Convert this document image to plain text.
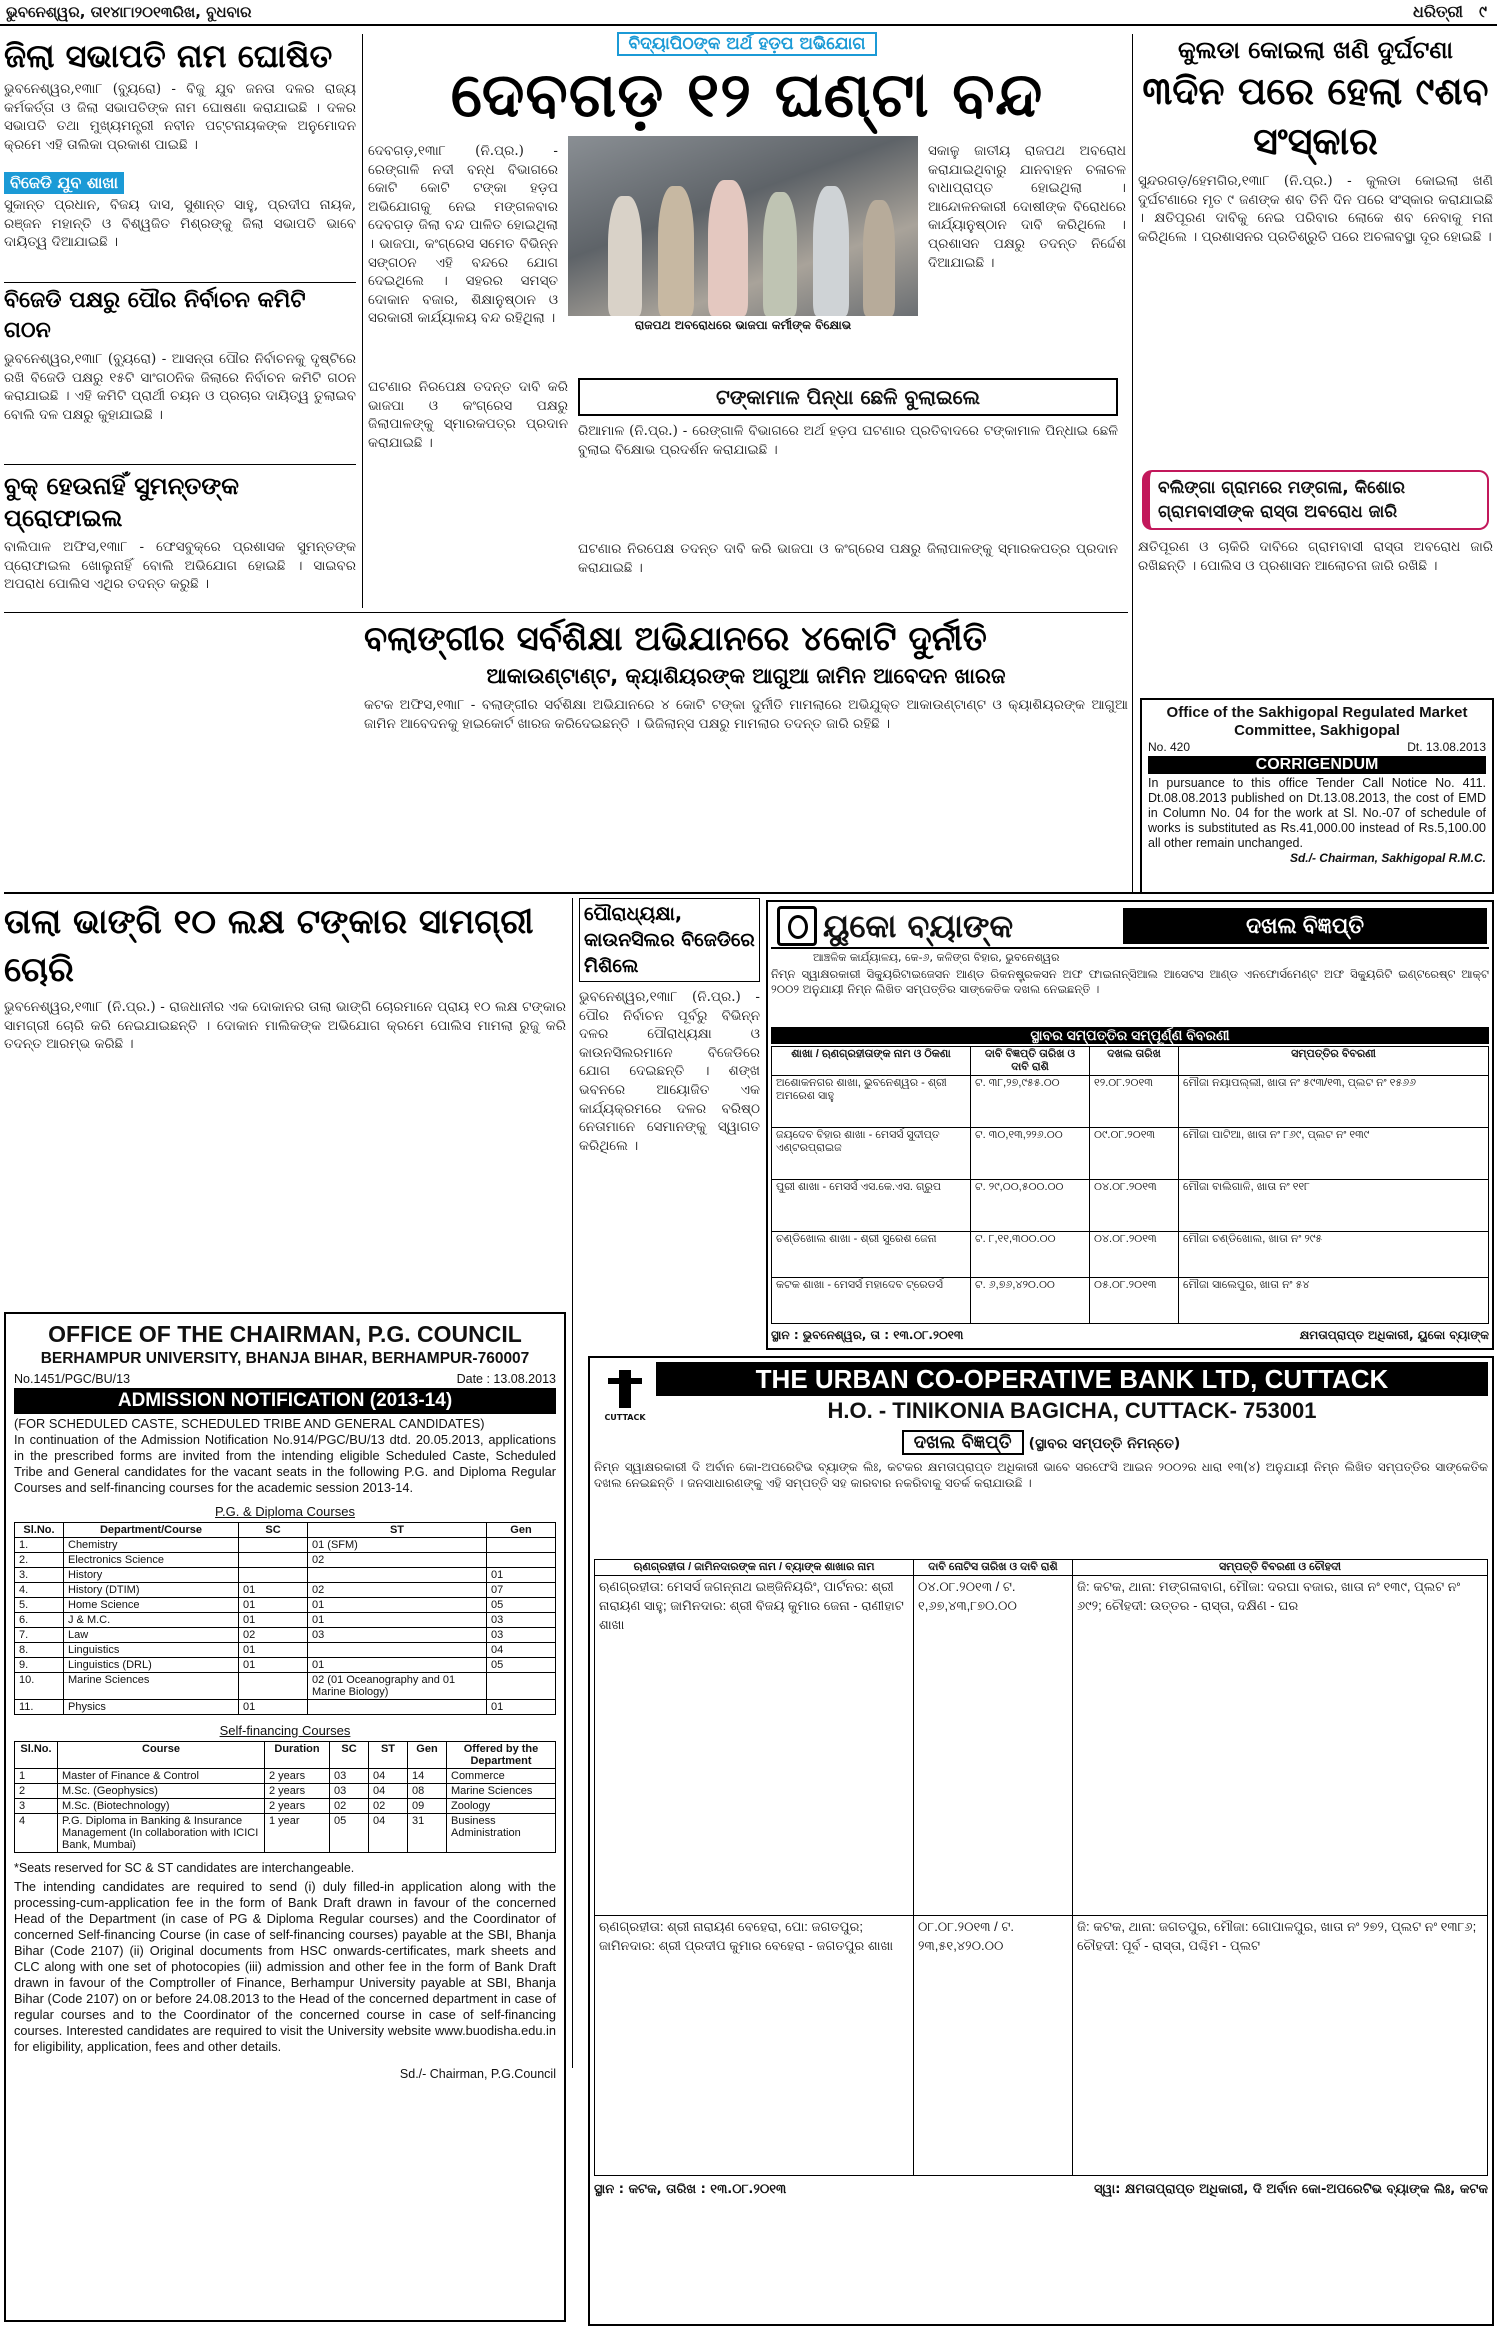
ଭୁବନେଶ୍ୱର, ତା୧୪ା୮ା୨୦୧୩ରିଖ, ବୁଧବାର	ଧରିତ୍ରୀ ୯
ଜିଲା ସଭାପତି ନାମ ଘୋଷିତ
ଭୁବନେଶ୍ୱର,୧୩ା୮ (ବ୍ୟୁରୋ) - ବିଜୁ ଯୁବ ଜନତା ଦଳର ରାଜ୍ୟ କର୍ମକର୍ତ୍ତା ଓ ଜିଲା ସଭାପତିଙ୍କ ନାମ ଘୋଷଣା କରାଯାଇଛି । ଦଳର ସଭାପତି ତଥା ମୁଖ୍ୟମନ୍ତ୍ରୀ ନବୀନ ପଟ୍ଟନାୟକଙ୍କ ଅନୁମୋଦନ କ୍ରମେ ଏହି ତାଲିକା ପ୍ରକାଶ ପାଇଛି ।
ବିଜେଡି ଯୁବ ଶାଖା
ସୁକାନ୍ତ ପ୍ରଧାନ, ବିଜୟ ଦାସ, ସୁଶାନ୍ତ ସାହୁ, ପ୍ରଦୀପ ନାୟକ, ରଞ୍ଜନ ମହାନ୍ତି ଓ ବିଶ୍ୱଜିତ ମିଶ୍ରଙ୍କୁ ଜିଲା ସଭାପତି ଭାବେ ଦାୟିତ୍ୱ ଦିଆଯାଇଛି ।
ବିଜେଡି ପକ୍ଷରୁ ପୌର ନିର୍ବାଚନ କମିଟି ଗଠନ
ଭୁବନେଶ୍ୱର,୧୩ା୮ (ବ୍ୟୁରୋ) - ଆସନ୍ତା ପୌର ନିର୍ବାଚନକୁ ଦୃଷ୍ଟିରେ ରଖି ବିଜେଡି ପକ୍ଷରୁ ୧୫ଟି ସାଂଗଠନିକ ଜିଲାରେ ନିର୍ବାଚନ କମିଟି ଗଠନ କରାଯାଇଛି । ଏହି କମିଟି ପ୍ରାର୍ଥୀ ଚୟନ ଓ ପ୍ରଚାର ଦାୟିତ୍ୱ ତୁଲାଇବ ବୋଲି ଦଳ ପକ୍ଷରୁ କୁହାଯାଇଛି ।
ବୁକ୍ ହେଉନାହିଁ ସୁମନ୍ତଙ୍କ ପ୍ରୋଫାଇଲ
ବାଲିପାଳ ଅଫିସ,୧୩ା୮ - ଫେସବୁକ୍‌ରେ ପ୍ରଶାସକ ସୁମନ୍ତଙ୍କ ପ୍ରୋଫାଇଲ ଖୋଲୁନାହିଁ ବୋଲି ଅଭିଯୋଗ ହୋଇଛି । ସାଇବର ଅପରାଧ ପୋଲିସ ଏଥିର ତଦନ୍ତ କରୁଛି ।
ବିଦ୍ୟାପିଠଙ୍କ ଅର୍ଥ ହଡ଼ପ ଅଭିଯୋଗ
ଦେବଗଡ଼ ୧୨ ଘଣ୍ଟା ବନ୍ଦ
ଦେବଗଡ଼,୧୩ା୮ (ନି.ପ୍ର.) - ରେଙ୍ଗାଳି ନଦୀ ବନ୍ଧ ବିଭାଗରେ କୋଟି କୋଟି ଟଙ୍କା ହଡ଼ପ ଅଭିଯୋଗକୁ ନେଇ ମଙ୍ଗଳବାର ଦେବଗଡ଼ ଜିଲା ବନ୍ଦ ପାଳିତ ହୋଇଥିଲା । ଭାଜପା, କଂଗ୍ରେସ ସମେତ ବିଭିନ୍ନ ସଙ୍ଗଠନ ଏହି ବନ୍ଦରେ ଯୋଗ ଦେଇଥିଲେ । ସହରର ସମସ୍ତ ଦୋକାନ ବଜାର, ଶିକ୍ଷାନୁଷ୍ଠାନ ଓ ସରକାରୀ କାର୍ଯ୍ୟାଳୟ ବନ୍ଦ ରହିଥିଲା ।	ରାଜପଥ ଅବରୋଧରେ ଭାଜପା କର୍ମୀଙ୍କ ବିକ୍ଷୋଭ
ସକାଳୁ ଜାତୀୟ ରାଜପଥ ଅବରୋଧ କରାଯାଇଥିବାରୁ ଯାନବାହନ ଚଳାଚଳ ବାଧାପ୍ରାପ୍ତ ହୋଇଥିଲା । ଆନ୍ଦୋଳନକାରୀ ଦୋଷୀଙ୍କ ବିରୋଧରେ କାର୍ଯ୍ୟାନୁଷ୍ଠାନ ଦାବି କରିଥିଲେ । ପ୍ରଶାସନ ପକ୍ଷରୁ ତଦନ୍ତ ନିର୍ଦ୍ଦେଶ ଦିଆଯାଇଛି ।
ଟଙ୍କାମାଳ ପିନ୍ଧା ଛେଳି ବୁଲାଇଲେ
ରିଆମାଳ (ନି.ପ୍ର.) - ରେଙ୍ଗାଳି ବିଭାଗରେ ଅର୍ଥ ହଡ଼ପ ଘଟଣାର ପ୍ରତିବାଦରେ ଟଙ୍କାମାଳ ପିନ୍ଧାଇ ଛେଳି ବୁଲାଇ ବିକ୍ଷୋଭ ପ୍ରଦର୍ଶନ କରାଯାଇଛି ।
ଘଟଣାର ନିରପେକ୍ଷ ତଦନ୍ତ ଦାବି କରି ଭାଜପା ଓ କଂଗ୍ରେସ ପକ୍ଷରୁ ଜିଲାପାଳଙ୍କୁ ସ୍ମାରକପତ୍ର ପ୍ରଦାନ କରାଯାଇଛି ।
ଘଟଣାର ନିରପେକ୍ଷ ତଦନ୍ତ ଦାବି କରି ଭାଜପା ଓ କଂଗ୍ରେସ ପକ୍ଷରୁ ଜିଲାପାଳଙ୍କୁ ସ୍ମାରକପତ୍ର ପ୍ରଦାନ କରାଯାଇଛି ।
କୁଲଡା କୋଇଲା ଖଣି ଦୁର୍ଘଟଣା
୩ଦିନ ପରେ ହେଲା ୯ଶବ ସଂସ୍କାର
ସୁନ୍ଦରଗଡ଼/ହେମଗିର,୧୩ା୮ (ନି.ପ୍ର.) - କୁଲଡା କୋଇଲା ଖଣି ଦୁର୍ଘଟଣାରେ ମୃତ ୯ ଜଣଙ୍କ ଶବ ତିନି ଦିନ ପରେ ସଂସ୍କାର କରାଯାଇଛି । କ୍ଷତିପୂରଣ ଦାବିକୁ ନେଇ ପରିବାର ଲୋକେ ଶବ ନେବାକୁ ମନା କରିଥିଲେ । ପ୍ରଶାସନର ପ୍ରତିଶ୍ରୁତି ପରେ ଅଚଳାବସ୍ଥା ଦୂର ହୋଇଛି ।
ବଲିଙ୍ଗା ଗ୍ରାମରେ ମଙ୍ଗଳା, କିଶୋର ଗ୍ରାମବାସୀଙ୍କ ରାସ୍ତା ଅବରୋଧ ଜାରି
କ୍ଷତିପୂରଣ ଓ ଚାକିରି ଦାବିରେ ଗ୍ରାମବାସୀ ରାସ୍ତା ଅବରୋଧ ଜାରି ରଖିଛନ୍ତି । ପୋଲିସ ଓ ପ୍ରଶାସନ ଆଲୋଚନା ଜାରି ରଖିଛି ।
Office of the Sakhigopal Regulated Market Committee, Sakhigopal
No. 420	Dt. 13.08.2013
CORRIGENDUM
In pursuance to this office Tender Call Notice No. 411. Dt.08.08.2013 published on Dt.13.08.2013, the cost of EMD in Column No. 04 for the work at Sl. No.-07 of schedule of works is substituted as Rs.41,000.00 instead of Rs.5,100.00 all other remain unchanged.
Sd./- Chairman, Sakhigopal R.M.C.
ବଲାଙ୍ଗୀର ସର୍ବଶିକ୍ଷା ଅଭିଯାନରେ ୪କୋଟି ଦୁର୍ନୀତି
ଆକାଉଣ୍ଟାଣ୍ଟ, କ୍ୟାଶିୟରଙ୍କ ଆଗୁଆ ଜାମିନ ଆବେଦନ ଖାରଜ
କଟକ ଅଫିସ,୧୩ା୮ - ବଲାଙ୍ଗୀର ସର୍ବଶିକ୍ଷା ଅଭିଯାନରେ ୪ କୋଟି ଟଙ୍କା ଦୁର୍ନୀତି ମାମଲାରେ ଅଭିଯୁକ୍ତ ଆକାଉଣ୍ଟାଣ୍ଟ ଓ କ୍ୟାଶିୟରଙ୍କ ଆଗୁଆ ଜାମିନ ଆବେଦନକୁ ହାଇକୋର୍ଟ ଖାରଜ କରିଦେଇଛନ୍ତି । ଭିଜିଲାନ୍ସ ପକ୍ଷରୁ ମାମଲାର ତଦନ୍ତ ଜାରି ରହିଛି ।
ତାଲା ଭାଙ୍ଗି ୧୦ ଲକ୍ଷ ଟଙ୍କାର ସାମଗ୍ରୀ ଚୋରି
ଭୁବନେଶ୍ୱର,୧୩ା୮ (ନି.ପ୍ର.) - ରାଜଧାନୀର ଏକ ଦୋକାନର ତାଲା ଭାଙ୍ଗି ଚୋରମାନେ ପ୍ରାୟ ୧୦ ଲକ୍ଷ ଟଙ୍କାର ସାମଗ୍ରୀ ଚୋରି କରି ନେଇଯାଇଛନ୍ତି । ଦୋକାନ ମାଲିକଙ୍କ ଅଭିଯୋଗ କ୍ରମେ ପୋଲିସ ମାମଲା ରୁଜୁ କରି ତଦନ୍ତ ଆରମ୍ଭ କରିଛି ।
ପୌରାଧ୍ୟକ୍ଷା, କାଉନସିଲର ବିଜେଡିରେ ମିଶିଲେ
ଭୁବନେଶ୍ୱର,୧୩ା୮ (ନି.ପ୍ର.) - ପୌର ନିର୍ବାଚନ ପୂର୍ବରୁ ବିଭିନ୍ନ ଦଳର ପୌରାଧ୍ୟକ୍ଷା ଓ କାଉନସିଲରମାନେ ବିଜେଡିରେ ଯୋଗ ଦେଇଛନ୍ତି । ଶଙ୍ଖ ଭବନରେ ଆୟୋଜିତ ଏକ କାର୍ଯ୍ୟକ୍ରମରେ ଦଳର ବରିଷ୍ଠ ନେତାମାନେ ସେମାନଙ୍କୁ ସ୍ୱାଗତ କରିଥିଲେ ।
ୟୁକୋ ବ୍ୟାଙ୍କ	ଦଖଲ ବିଜ୍ଞପ୍ତି
ଆଞ୍ଚଳିକ କାର୍ଯ୍ୟାଳୟ, କେ-୬, କଳିଙ୍ଗ ବିହାର, ଭୁବନେଶ୍ୱର
ନିମ୍ନ ସ୍ୱାକ୍ଷରକାରୀ ସିକ୍ୟୁରିଟାଇଜେସନ ଆଣ୍ଡ ରିକନଷ୍ଟ୍ରକସନ ଅଫ ଫାଇନାନ୍ସିଆଲ ଆସେଟସ ଆଣ୍ଡ ଏନଫୋର୍ସମେଣ୍ଟ ଅଫ ସିକ୍ୟୁରିଟି ଇଣ୍ଟରେଷ୍ଟ ଆକ୍ଟ ୨୦୦୨ ଅନୁଯାୟୀ ନିମ୍ନ ଲିଖିତ ସମ୍ପତ୍ତିର ସାଙ୍କେତିକ ଦଖଲ ନେଇଛନ୍ତି ।
ସ୍ଥାବର ସମ୍ପତ୍ତିର ସମ୍ପୂର୍ଣ୍ଣ ବିବରଣୀ
ଶାଖା / ଋଣଗ୍ରହୀତାଙ୍କ ନାମ ଓ ଠିକଣା	ଦାବି ବିଜ୍ଞପ୍ତି ତାରିଖ ଓ ଦାବି ରାଶି	ଦଖଲ ତାରିଖ	ସମ୍ପତ୍ତିର ବିବରଣୀ
ଅଶୋକନଗର ଶାଖା, ଭୁବନେଶ୍ୱର - ଶ୍ରୀ ଅମରେଶ ସାହୁ	ଟ. ୩୮,୨୭,୯୫୫.୦୦	୧୨.୦୮.୨୦୧୩	ମୌଜା ନୟାପଲ୍ଲୀ, ଖାତା ନଂ ୫୯୩/୧୩, ପ୍ଲଟ ନଂ ୧୫୬୬
ଜୟଦେବ ବିହାର ଶାଖା - ମେସର୍ସ ସୁଦୀପ୍ତ ଏଣ୍ଟରପ୍ରାଇଜ	ଟ. ୩୦,୧୩,୨୨୬.୦୦	୦୯.୦୮.୨୦୧୩	ମୌଜା ପାଟିଆ, ଖାତା ନଂ ୮୬୯, ପ୍ଲଟ ନଂ ୧୩୯
ପୁରୀ ଶାଖା - ମେସର୍ସ ଏସ.କେ.ଏସ. ଗ୍ରୁପ	ଟ. ୨୯,୦୦,୫୦୦.୦୦	୦୪.୦୮.୨୦୧୩	ମୌଜା ବାଲିଗାଳି, ଖାତା ନଂ ୧୧୮
ଚଣ୍ଡିଖୋଲ ଶାଖା - ଶ୍ରୀ ସୁରେଶ ଜେନା	ଟ. ୮,୧୧,୩୦୦.୦୦	୦୪.୦୮.୨୦୧୩	ମୌଜା ଚଣ୍ଡିଖୋଲ, ଖାତା ନଂ ୨୯୫
କଟକ ଶାଖା - ମେସର୍ସ ମହାଦେବ ଟ୍ରେଡର୍ସ	ଟ. ୬,୭୬,୪୨୦.୦୦	୦୫.୦୮.୨୦୧୩	ମୌଜା ସାଲେପୁର, ଖାତା ନଂ ୫୪
ସ୍ଥାନ : ଭୁବନେଶ୍ୱର, ତା : ୧୩.୦୮.୨୦୧୩	କ୍ଷମତାପ୍ରାପ୍ତ ଅଧିକାରୀ, ୟୁକୋ ବ୍ୟାଙ୍କ
OFFICE OF THE CHAIRMAN, P.G. COUNCIL
BERHAMPUR UNIVERSITY, BHANJA BIHAR, BERHAMPUR-760007
No.1451/PGC/BU/13	Date : 13.08.2013
ADMISSION NOTIFICATION (2013-14)
(FOR SCHEDULED CASTE, SCHEDULED TRIBE AND GENERAL CANDIDATES)
In continuation of the Admission Notification No.914/PGC/BU/13 dtd. 20.05.2013, applications in the prescribed forms are invited from the intending eligible Scheduled Caste, Scheduled Tribe and General candidates for the vacant seats in the following P.G. and Diploma Regular Courses and self-financing courses for the academic session 2013-14.
P.G. & Diploma Courses
Sl.No.	Department/Course	SC	ST	Gen
1.	Chemistry		01 (SFM)	
2.	Electronics Science		02	
3.	History			01
4.	History (DTIM)	01	02	07
5.	Home Science	01	01	05
6.	J & M.C.	01	01	03
7.	Law	02	03	03
8.	Linguistics	01		04
9.	Linguistics (DRL)	01	01	05
10.	Marine Sciences		02 (01 Oceanography and 01 Marine Biology)	
11.	Physics	01		01
Self-financing Courses
Sl.No.	Course	Duration	SC	ST	Gen	Offered by the Department
1	Master of Finance & Control	2 years	03	04	14	Commerce
2	M.Sc. (Geophysics)	2 years	03	04	08	Marine Sciences
3	M.Sc. (Biotechnology)	2 years	02	02	09	Zoology
4	P.G. Diploma in Banking & Insurance Management (In collaboration with ICICI Bank, Mumbai)	1 year	05	04	31	Business Administration
*Seats reserved for SC & ST candidates are interchangeable.
The intending candidates are required to send (i) duly filled-in application along with the processing-cum-application fee in the form of Bank Draft drawn in favour of the concerned Head of the Department (in case of PG & Diploma Regular courses) and the Coordinator of concerned Self-financing Course (in case of self-financing courses) payable at the SBI, Bhanja Bihar (Code 2107) (ii) Original documents from HSC onwards-certificates, mark sheets and CLC along with one set of photocopies (iii) admission and other fee in the form of Bank Draft drawn in favour of the Comptroller of Finance, Berhampur University payable at SBI, Bhanja Bihar (Code 2107) on or before 24.08.2013 to the Head of the concerned department in case of regular courses and to the Coordinator of the concerned course in case of self-financing courses. Interested candidates are required to visit the University website www.buodisha.edu.in for eligibility, application, fees and other details.
Sd./- Chairman, P.G.Council
CUTTACK
THE URBAN CO-OPERATIVE BANK LTD, CUTTACK
H.O. - TINIKONIA BAGICHA, CUTTACK- 753001
ଦଖଲ ବିଜ୍ଞପ୍ତି (ସ୍ଥାବର ସମ୍ପତ୍ତି ନିମନ୍ତେ)
ନିମ୍ନ ସ୍ୱାକ୍ଷରକାରୀ ଦି ଅର୍ବାନ କୋ-ଅପରେଟିଭ ବ୍ୟାଙ୍କ ଲିଃ, କଟକର କ୍ଷମତାପ୍ରାପ୍ତ ଅଧିକାରୀ ଭାବେ ସରଫେସି ଆଇନ ୨୦୦୨ର ଧାରା ୧୩(୪) ଅନୁଯାୟୀ ନିମ୍ନ ଲିଖିତ ସମ୍ପତ୍ତିର ସାଙ୍କେତିକ ଦଖଲ ନେଇଛନ୍ତି । ଜନସାଧାରଣଙ୍କୁ ଏହି ସମ୍ପତ୍ତି ସହ କାରବାର ନକରିବାକୁ ସତର୍କ କରାଯାଉଛି ।
ଋଣଗ୍ରହୀତା / ଜାମିନଦାରଙ୍କ ନାମ / ବ୍ୟାଙ୍କ ଶାଖାର ନାମ	ଦାବି ନୋଟିସ ତାରିଖ ଓ ଦାବି ରାଶି	ସମ୍ପତ୍ତି ବିବରଣୀ ଓ ଚୌହଦୀ
ଋଣଗ୍ରହୀତା: ମେସର୍ସ ଜଗନ୍ନାଥ ଇଞ୍ଜିନିୟରିଂ, ପାର୍ଟନର: ଶ୍ରୀ ନାରାୟଣ ସାହୁ; ଜାମିନଦାର: ଶ୍ରୀ ବିଜୟ କୁମାର ଜେନା - ରାଣୀହାଟ ଶାଖା	୦୪.୦୮.୨୦୧୩ / ଟ. ୧,୬୭,୪୩,୮୭୦.୦୦	ଜି: କଟକ, ଥାନା: ମଙ୍ଗଳାବାଗ, ମୌଜା: ଦରଘା ବଜାର, ଖାତା ନଂ ୧୩୯, ପ୍ଲଟ ନଂ ୬୯୨; ଚୌହଦୀ: ଉତ୍ତର - ରାସ୍ତା, ଦକ୍ଷିଣ - ଘର
ଋଣଗ୍ରହୀତା: ଶ୍ରୀ ନାରାୟଣ ବେହେରା, ପୋ: ଜଗତପୁର; ଜାମିନଦାର: ଶ୍ରୀ ପ୍ରଦୀପ କୁମାର ବେହେରା - ଜଗତପୁର ଶାଖା	୦୮.୦୮.୨୦୧୩ / ଟ. ୨୩,୫୧,୪୨୦.୦୦	ଜି: କଟକ, ଥାନା: ଜଗତପୁର, ମୌଜା: ଗୋପାଳପୁର, ଖାତା ନଂ ୨୭୨, ପ୍ଲଟ ନଂ ୧୩୮୬; ଚୌହଦୀ: ପୂର୍ବ - ରାସ୍ତା, ପଶ୍ଚିମ - ପ୍ଲଟ
ସ୍ଥାନ : କଟକ, ତାରିଖ : ୧୩.୦୮.୨୦୧୩	ସ୍ୱା: କ୍ଷମତାପ୍ରାପ୍ତ ଅଧିକାରୀ, ଦି ଅର୍ବାନ କୋ-ଅପରେଟିଭ ବ୍ୟାଙ୍କ ଲିଃ, କଟକ
